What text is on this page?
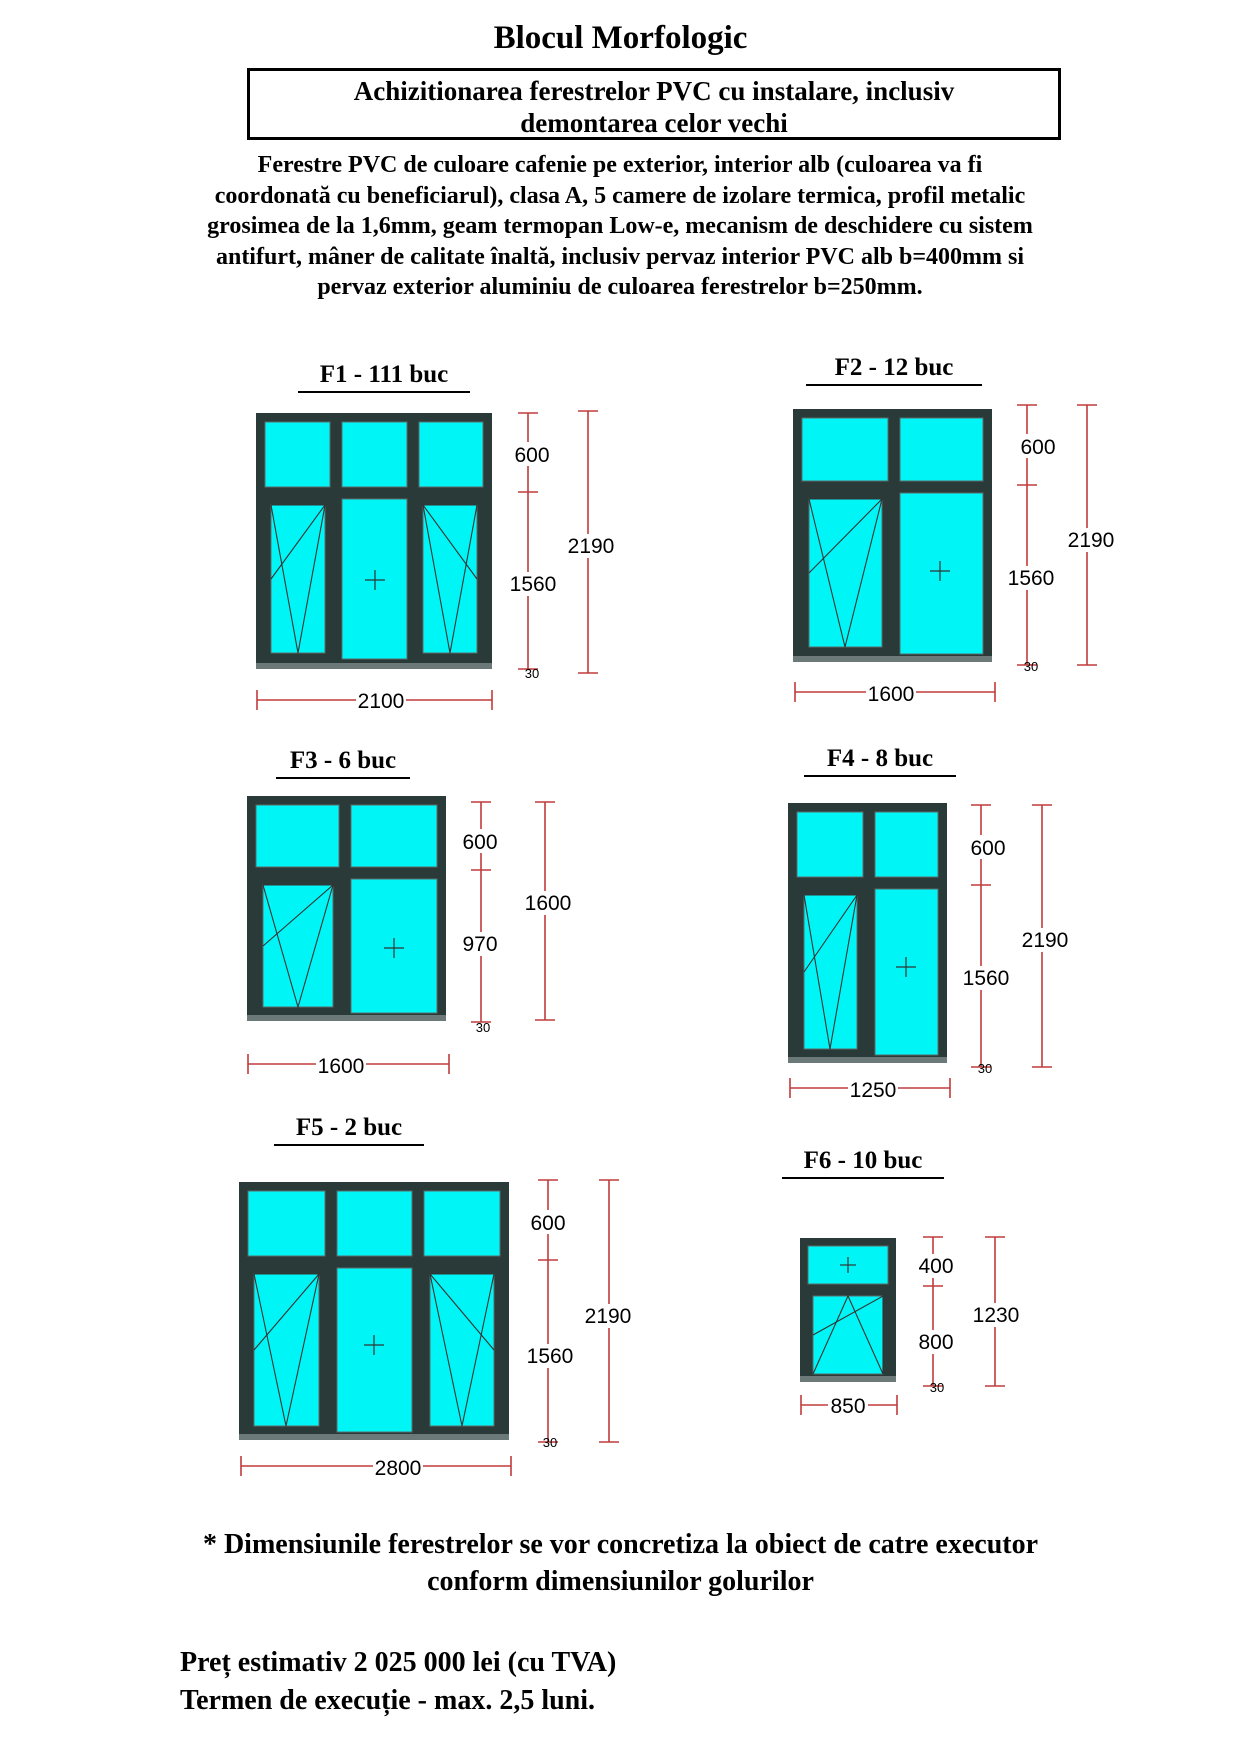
Blocul Morfologic
Achizitionarea ferestrelor PVC cu instalare, inclusiv
demontarea celor vechi
Ferestre PVC de culoare cafenie pe exterior, interior alb (culoarea va fi
coordonată cu beneficiarul), clasa A, 5 camere de izolare termica, profil metalic
grosimea de la 1,6mm, geam termopan Low-e, mecanism de deschidere cu sistem
antifurt, mâner de calitate înaltă, inclusiv pervaz interior PVC alb b=400mm si
pervaz exterior aluminiu de culoarea ferestrelor b=250mm.
F1 - 111 buc	F2 - 12 buc
F3 - 6 buc	F4 - 8 buc
F5 - 2 buc
F6 - 10 buc
2100
600
1560
2190
30
1600
600
1560
2190
30
1600
600
970
1600
30
1250
600
1560
2190
30
2800
600
1560
2190
30
850
400
800
1230
30
* Dimensiunile ferestrelor se vor concretiza la obiect de catre executor
conform dimensiunilor golurilor
Preț estimativ 2 025 000 lei (cu TVA)
Termen de execuție - max. 2,5 luni.
